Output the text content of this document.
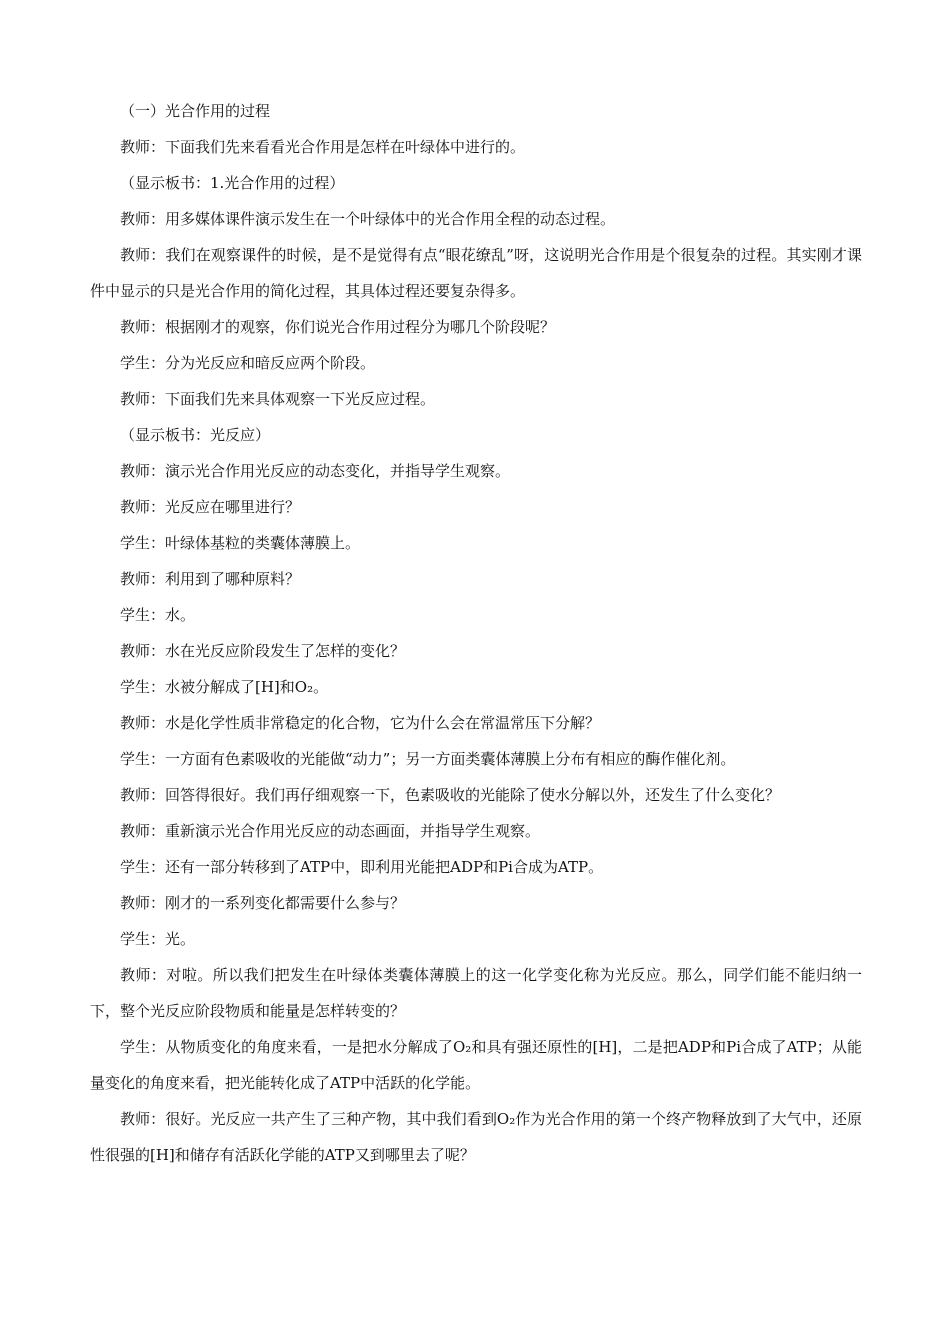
（一）光合作用的过程

教师：下面我们先来看看光合作用是怎样在叶绿体中进行的。

（显示板书：1.光合作用的过程）

教师：用多媒体课件演示发生在一个叶绿体中的光合作用全程的动态过程。

教师：我们在观察课件的时候，是不是觉得有点“眼花缭乱”呀，这说明光合作用是个很复杂的过程。其实刚才课件中显示的只是光合作用的简化过程，其具体过程还要复杂得多。

教师：根据刚才的观察，你们说光合作用过程分为哪几个阶段呢？

学生：分为光反应和暗反应两个阶段。

教师：下面我们先来具体观察一下光反应过程。

（显示板书：光反应）

教师：演示光合作用光反应的动态变化，并指导学生观察。

教师：光反应在哪里进行？

学生：叶绿体基粒的类囊体薄膜上。

教师：利用到了哪种原料？

学生：水。

教师：水在光反应阶段发生了怎样的变化？

学生：水被分解成了[H]和O₂。

教师：水是化学性质非常稳定的化合物，它为什么会在常温常压下分解？

学生：一方面有色素吸收的光能做“动力”；另一方面类囊体薄膜上分布有相应的酶作催化剂。

教师：回答得很好。我们再仔细观察一下，色素吸收的光能除了使水分解以外，还发生了什么变化？

教师：重新演示光合作用光反应的动态画面，并指导学生观察。

学生：还有一部分转移到了ATP中，即利用光能把ADP和Pi合成为ATP。

教师：刚才的一系列变化都需要什么参与？

学生：光。

教师：对啦。所以我们把发生在叶绿体类囊体薄膜上的这一化学变化称为光反应。那么，同学们能不能归纳一下，整个光反应阶段物质和能量是怎样转变的？

学生：从物质变化的角度来看，一是把水分解成了O₂和具有强还原性的[H]，二是把ADP和Pi合成了ATP；从能量变化的角度来看，把光能转化成了ATP中活跃的化学能。

教师：很好。光反应一共产生了三种产物，其中我们看到O₂作为光合作用的第一个终产物释放到了大气中，还原性很强的[H]和储存有活跃化学能的ATP又到哪里去了呢？
